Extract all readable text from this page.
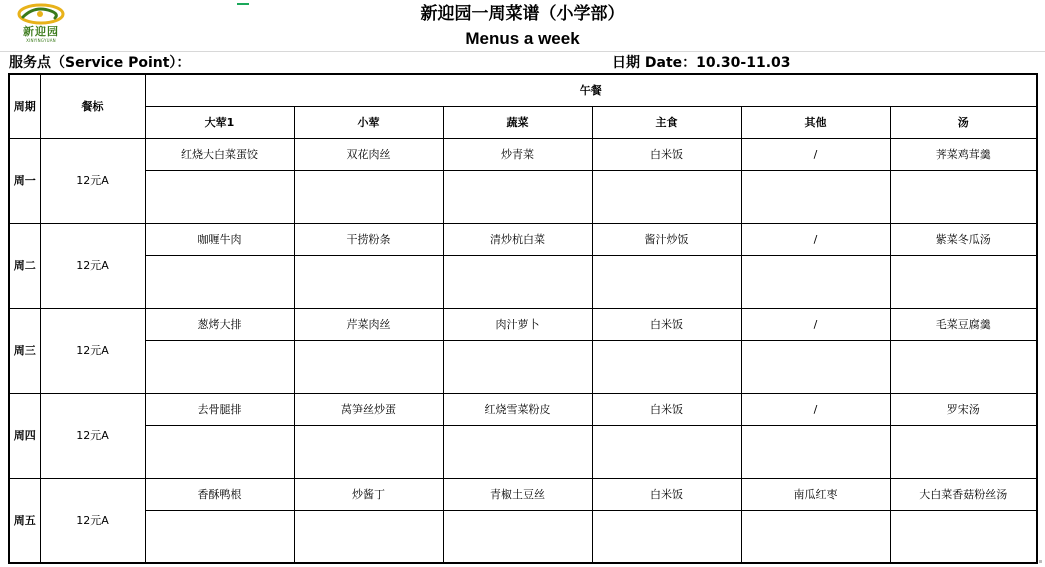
新迎园
XINYINGYUAN
新迎园一周菜谱（小学部）
Menus a week
服务点（Service Point）：	日期 Date：10.30-11.03
周期	餐标	午餐					
		大荤1	小荤	蔬菜	主食	其他	汤
周一	12元A	红烧大白菜蛋饺	双花肉丝	炒青菜	白米饭	/	荠菜鸡茸羹

周二	12元A	咖喱牛肉	干捞粉条	清炒杭白菜	酱汁炒饭	/	紫菜冬瓜汤

周三	12元A	葱烤大排	芹菜肉丝	肉汁萝卜	白米饭	/	毛菜豆腐羹

周四	12元A	去骨腿排	莴笋丝炒蛋	红烧雪菜粉皮	白米饭	/	罗宋汤

周五	12元A	香酥鸭根	炒酱丁	青椒土豆丝	白米饭	南瓜红枣	大白菜香菇粉丝汤
